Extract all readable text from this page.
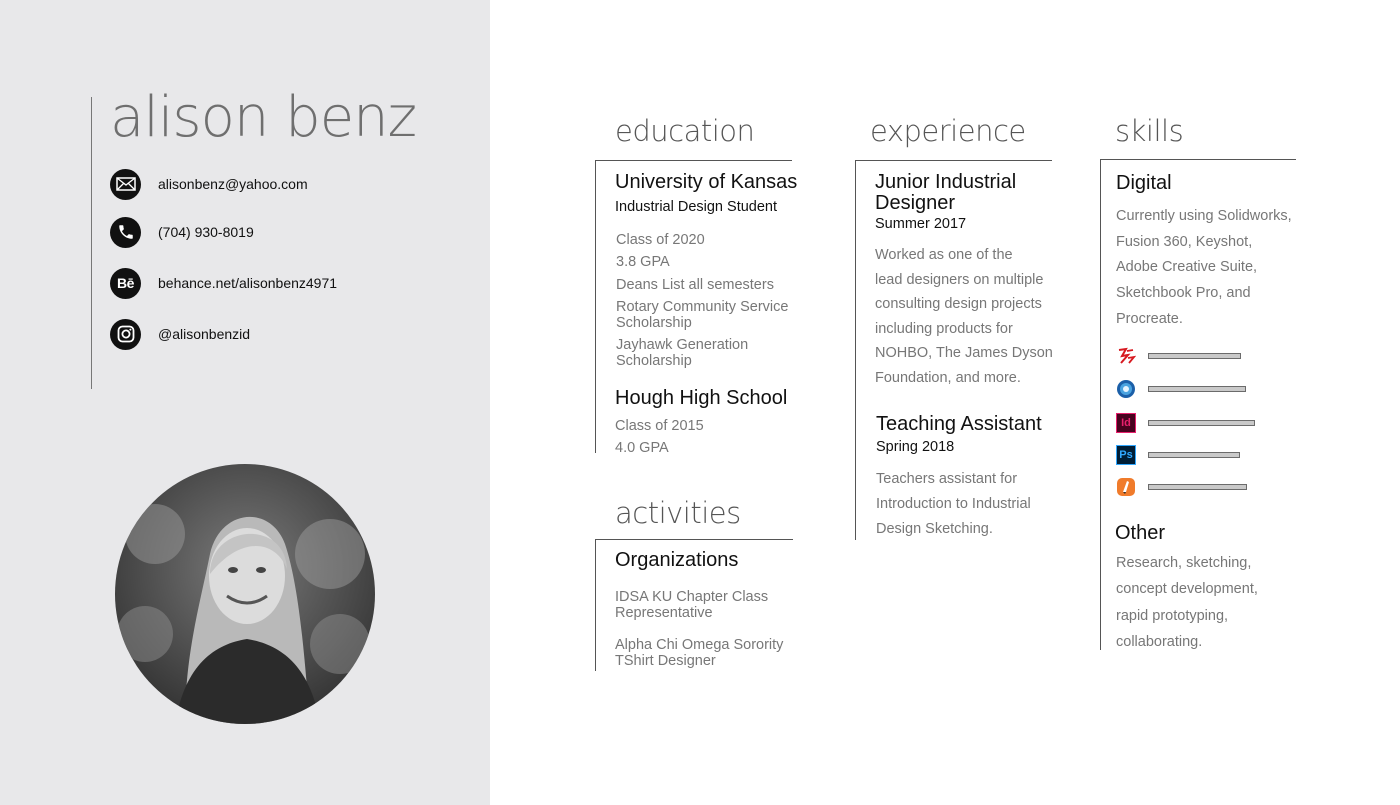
alison benz
alisonbenz@yahoo.com
(704) 930-8019
Bē behance.net/alisonbenz4971
@alisonbenzid
education
University of Kansas
Industrial Design Student
Class of 2020
3.8 GPA
Deans List all semesters
Rotary Community Service
Scholarship
Jayhawk Generation
Scholarship
Hough High School
Class of 2015
4.0 GPA
activities
Organizations
IDSA KU Chapter Class
Representative
Alpha Chi Omega Sorority
TShirt Designer
experience
Junior Industrial
Designer
Summer 2017
Worked as one of the
lead designers on multiple
consulting design projects
including products for
NOHBO, The James Dyson
Foundation, and more.
Teaching Assistant
Spring 2018
Teachers assistant for
Introduction to Industrial
Design Sketching.
skills
Digital
Currently using Solidworks,
Fusion 360, Keyshot,
Adobe Creative Suite,
Sketchbook Pro, and
Procreate.
Id
Ps
Other
Research, sketching,
concept development,
rapid prototyping,
collaborating.
